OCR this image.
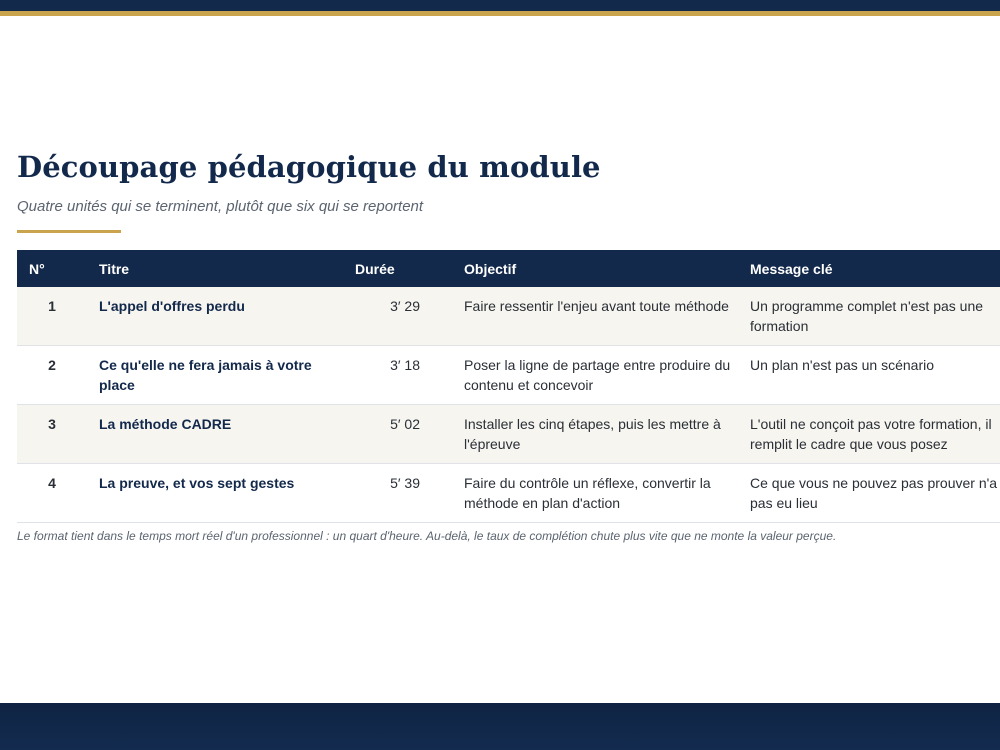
Découpage pédagogique du module

Quatre unités qui se terminent, plutôt que six qui se reportent

N°	Titre	Durée	Objectif	Message clé
1	L'appel d'offres perdu	3′ 29	Faire ressentir l'enjeu avant toute méthode	Un programme complet n'est pas une formation
2	Ce qu'elle ne fera jamais à votre place	3′ 18	Poser la ligne de partage entre produire du contenu et concevoir	Un plan n'est pas un scénario
3	La méthode CADRE	5′ 02	Installer les cinq étapes, puis les mettre à l'épreuve	L'outil ne conçoit pas votre formation, il remplit le cadre que vous posez
4	La preuve, et vos sept gestes	5′ 39	Faire du contrôle un réflexe, convertir la méthode en plan d'action	Ce que vous ne pouvez pas prouver n'a pas eu lieu

Le format tient dans le temps mort réel d'un professionnel : un quart d'heure. Au-delà, le taux de complétion chute plus vite que ne monte la valeur perçue.
